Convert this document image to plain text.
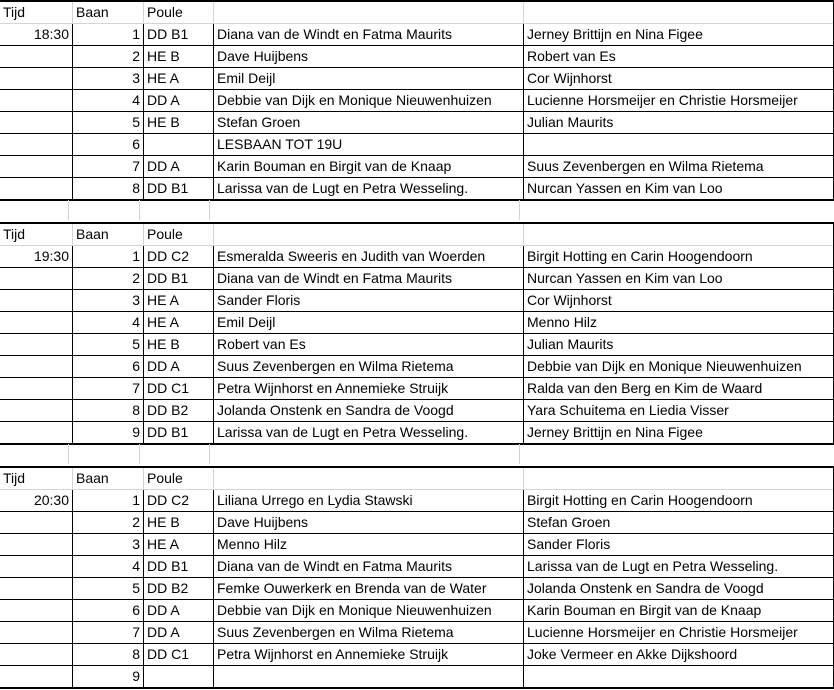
Tijd	Baan	Poule		
18:30	1	DD B1	Diana van de Windt en Fatma Maurits	Jerney Brittijn en Nina Figee
	2	HE B	Dave Huijbens	Robert van Es
	3	HE A	Emil Deijl	Cor Wijnhorst
	4	DD A	Debbie van Dijk en Monique Nieuwenhuizen	Lucienne Horsmeijer en Christie Horsmeijer
	5	HE B	Stefan Groen	Julian Maurits
	6		LESBAAN TOT 19U	
	7	DD A	Karin Bouman en Birgit van de Knaap	Suus Zevenbergen en Wilma Rietema
	8	DD B1	Larissa van de Lugt en Petra Wesseling.	Nurcan Yassen en Kim van Loo
Tijd	Baan	Poule		
19:30	1	DD C2	Esmeralda Sweeris en Judith van Woerden	Birgit Hotting en Carin Hoogendoorn
	2	DD B1	Diana van de Windt en Fatma Maurits	Nurcan Yassen en Kim van Loo
	3	HE A	Sander Floris	Cor Wijnhorst
	4	HE A	Emil Deijl	Menno Hilz
	5	HE B	Robert van Es	Julian Maurits
	6	DD A	Suus Zevenbergen en Wilma Rietema	Debbie van Dijk en Monique Nieuwenhuizen
	7	DD C1	Petra Wijnhorst en Annemieke Struijk	Ralda van den Berg en Kim de Waard
	8	DD B2	Jolanda Onstenk en Sandra de Voogd	Yara Schuitema en Liedia Visser
	9	DD B1	Larissa van de Lugt en Petra Wesseling.	Jerney Brittijn en Nina Figee
Tijd	Baan	Poule		
20:30	1	DD C2	Liliana Urrego en Lydia Stawski	Birgit Hotting en Carin Hoogendoorn
	2	HE B	Dave Huijbens	Stefan Groen
	3	HE A	Menno Hilz	Sander Floris
	4	DD B1	Diana van de Windt en Fatma Maurits	Larissa van de Lugt en Petra Wesseling.
	5	DD B2	Femke Ouwerkerk en Brenda van de Water	Jolanda Onstenk en Sandra de Voogd
	6	DD A	Debbie van Dijk en Monique Nieuwenhuizen	Karin Bouman en Birgit van de Knaap
	7	DD A	Suus Zevenbergen en Wilma Rietema	Lucienne Horsmeijer en Christie Horsmeijer
	8	DD C1	Petra Wijnhorst en Annemieke Struijk	Joke Vermeer en Akke Dijkshoord
	9			
